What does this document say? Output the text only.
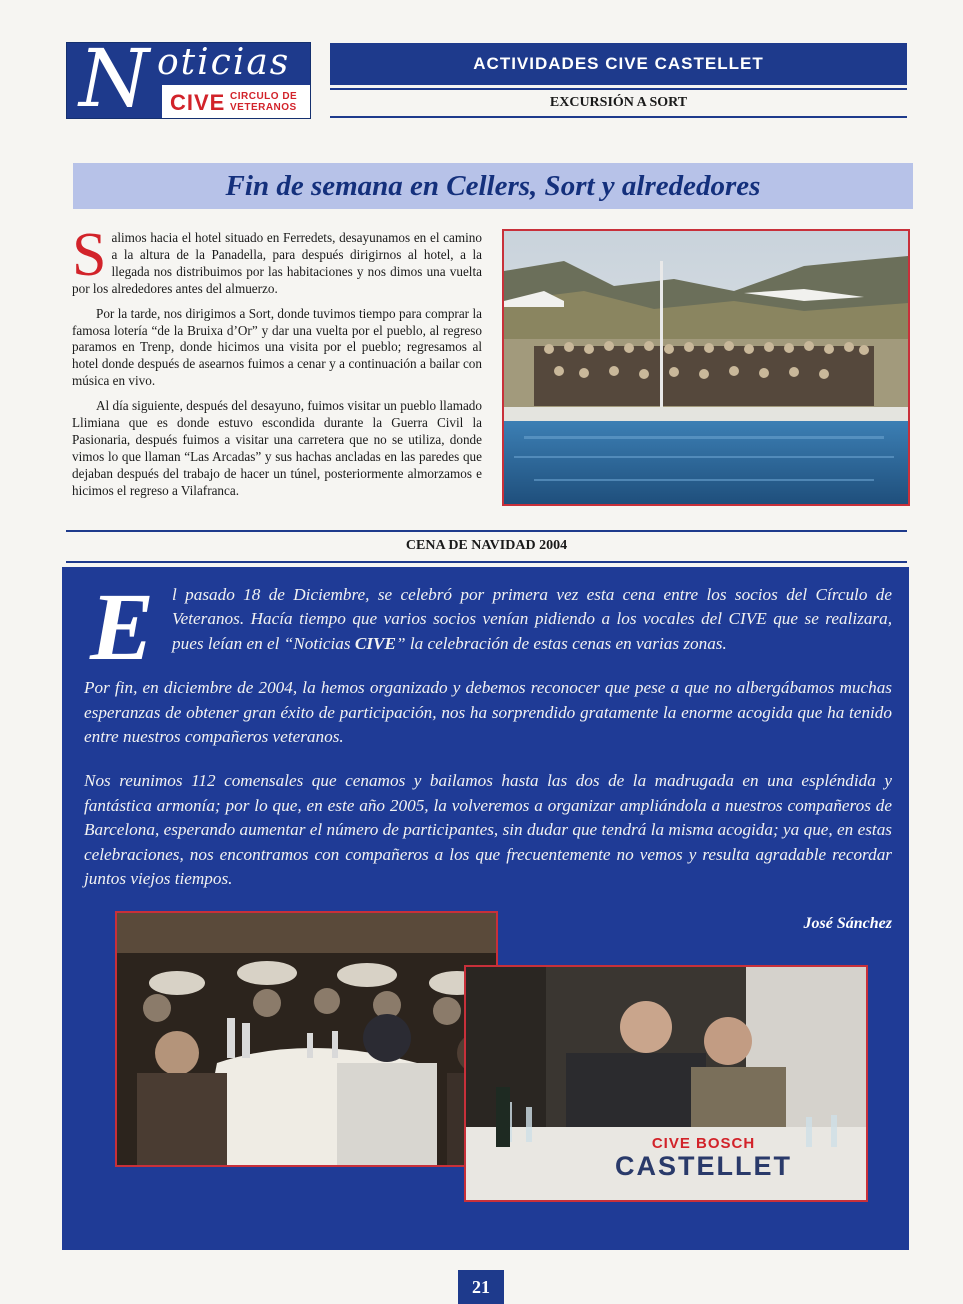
N oticias
CIVE CIRCULO DE
VETERANOS
ACTIVIDADES CIVE CASTELLET
EXCURSIÓN A SORT
Fin de semana en Cellers, Sort y alrededores

Salimos hacia el hotel situado en Ferredets, desayunamos en el camino a la altura de la Panadella, para después dirigirnos al hotel, a la llegada nos distribuimos por las habitaciones y nos dimos una vuelta por los alrededores antes del almuerzo.

Por la tarde, nos dirigimos a Sort, donde tuvimos tiempo para comprar la famosa lotería “de la Bruixa d’Or” y dar una vuelta por el pueblo, al regreso paramos en Trenp, donde hicimos una visita por el pueblo; regresamos al hotel donde después de asearnos fuimos a cenar y a continuación a bailar con música en vivo.

Al día siguiente, después del desayuno, fuimos visitar un pueblo llamado Llimiana que es donde estuvo escondida durante la Guerra Civil la Pasionaria, después fuimos a visitar una carretera que no se utiliza, donde vimos lo que llaman “Las Arcadas” y sus hachas ancladas en las paredes que dejaban después del trabajo de hacer un túnel, posteriormente almorzamos e hicimos el regreso a Vilafranca.

CENA DE NAVIDAD 2004

E l pasado 18 de Diciembre, se celebró por primera vez esta cena entre los socios del Círculo de Veteranos. Hacía tiempo que varios socios venían pidiendo a los vocales del CIVE que se realizara, pues leían en el “Noticias CIVE” la celebración de estas cenas en varias zonas.

Por fin, en diciembre de 2004, la hemos organizado y debemos reconocer que pese a que no albergábamos muchas esperanzas de obtener gran éxito de participación, nos ha sorprendido gratamente la enorme acogida que ha tenido entre nuestros compañeros veteranos.

Nos reunimos 112 comensales que cenamos y bailamos hasta las dos de la madrugada en una espléndida y fantástica armonía; por lo que, en este año 2005, la volveremos a organizar ampliándola a nuestros compañeros de Barcelona, esperando aumentar el número de participantes, sin dudar que tendrá la misma acogida; ya que, en estas celebraciones, nos encontramos con compañeros a los que frecuentemente no vemos y resulta agradable recordar juntos viejos tiempos.

José Sánchez
CIVE BOSCH
CASTELLET
21
